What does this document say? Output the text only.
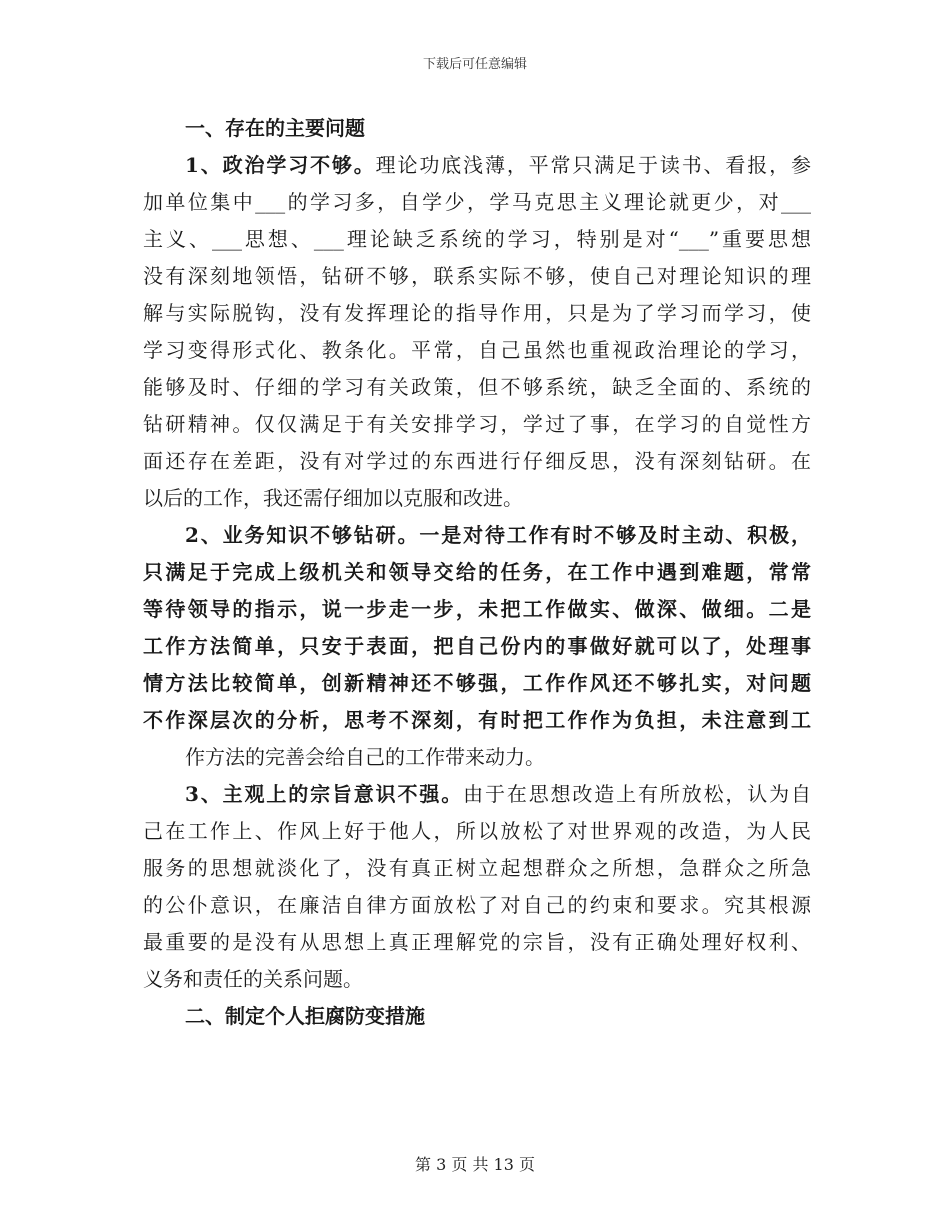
下载后可任意编辑
一、存在的主要问题
1、政治学习不够。理论功底浅薄，平常只满足于读书、看报，参
加单位集中___的学习多，自学少，学马克思主义理论就更少，对___
主义、___思想、___理论缺乏系统的学习，特别是对“___”重要思想
没有深刻地领悟，钻研不够，联系实际不够，使自己对理论知识的理
解与实际脱钩，没有发挥理论的指导作用，只是为了学习而学习，使
学习变得形式化、教条化。平常，自己虽然也重视政治理论的学习，
能够及时、仔细的学习有关政策，但不够系统，缺乏全面的、系统的
钻研精神。仅仅满足于有关安排学习，学过了事，在学习的自觉性方
面还存在差距，没有对学过的东西进行仔细反思，没有深刻钻研。在
以后的工作，我还需仔细加以克服和改进。
2、业务知识不够钻研。一是对待工作有时不够及时主动、积极，
只满足于完成上级机关和领导交给的任务，在工作中遇到难题，常常
等待领导的指示，说一步走一步，未把工作做实、做深、做细。二是
工作方法简单，只安于表面，把自己份内的事做好就可以了，处理事
情方法比较简单，创新精神还不够强，工作作风还不够扎实，对问题
不作深层次的分析，思考不深刻，有时把工作作为负担，未注意到工
作方法的完善会给自己的工作带来动力。
3、主观上的宗旨意识不强。由于在思想改造上有所放松，认为自
己在工作上、作风上好于他人，所以放松了对世界观的改造，为人民
服务的思想就淡化了，没有真正树立起想群众之所想，急群众之所急
的公仆意识，在廉洁自律方面放松了对自己的约束和要求。究其根源
最重要的是没有从思想上真正理解党的宗旨，没有正确处理好权利、
义务和责任的关系问题。
二、制定个人拒腐防变措施
第 3 页 共 13 页
